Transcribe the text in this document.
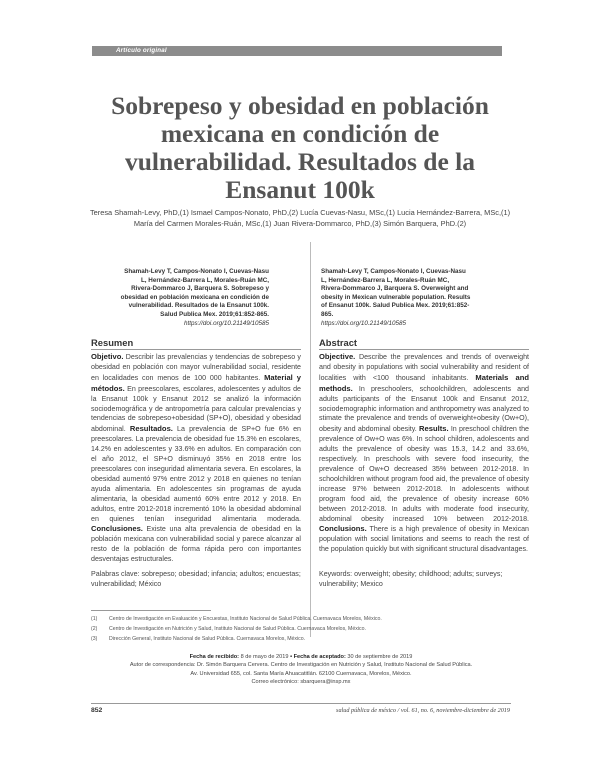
Artículo original
Sobrepeso y obesidad en población mexicana en condición de vulnerabilidad. Resultados de la Ensanut 100k

Teresa Shamah-Levy, PhD,(1) Ismael Campos-Nonato, PhD,(2) Lucía Cuevas-Nasu, MSc,(1) Lucia Hernández-Barrera, MSc,(1) María del Carmen Morales-Ruán, MSc,(1) Juan Rivera-Dommarco, PhD,(3) Simón Barquera, PhD.(2)

Shamah-Levy T, Campos-Nonato I, Cuevas-Nasu L, Hernández-Barrera L, Morales-Ruán MC, Rivera-Dommarco J, Barquera S. Sobrepeso y obesidad en población mexicana en condición de vulnerabilidad. Resultados de la Ensanut 100k. Salud Publica Mex. 2019;61:852-865.
https://doi.org/10.21149/10585
Shamah-Levy T, Campos-Nonato I, Cuevas-Nasu L, Hernández-Barrera L, Morales-Ruán MC, Rivera-Dommarco J, Barquera S. Overweight and obesity in Mexican vulnerable population. Results of Ensanut 100k. Salud Publica Mex. 2019;61:852-865.
https://doi.org/10.21149/10585
Resumen

Objetivo. Describir las prevalencias y tendencias de sobrepeso y obesidad en población con mayor vulnerabilidad social, residente en localidades con menos de 100 000 habitantes. Material y métodos. En preescolares, escolares, adolescentes y adultos de la Ensanut 100k y Ensanut 2012 se analizó la información sociodemográfica y de antropometría para calcular prevalencias y tendencias de sobrepeso+obesidad (SP+O), obesidad y obesidad abdominal. Resultados. La prevalencia de SP+O fue 6% en preescolares. La prevalencia de obesidad fue 15.3% en escolares, 14.2% en adolescentes y 33.6% en adultos. En comparación con el año 2012, el SP+O disminuyó 35% en 2018 entre los preescolares con inseguridad alimentaria severa. En escolares, la obesidad aumentó 97% entre 2012 y 2018 en quienes no tenían ayuda alimentaria. En adolescentes sin programas de ayuda alimentaria, la obesidad aumentó 60% entre 2012 y 2018. En adultos, entre 2012-2018 incrementó 10% la obesidad abdominal en quienes tenían inseguridad alimentaria moderada. Conclusiones. Existe una alta prevalencia de obesidad en la población mexicana con vulnerabilidad social y parece alcanzar al resto de la población de forma rápida pero con importantes desventajas estructurales.

Palabras clave: sobrepeso; obesidad; infancia; adultos; encuestas; vulnerabilidad; México

Abstract

Objective. Describe the prevalences and trends of overweight and obesity in populations with social vulnerability and resident of localities with <100 thousand inhabitants. Materials and methods. In preschoolers, schoolchildren, adolescents and adults participants of the Ensanut 100k and Ensanut 2012, sociodemographic information and anthropometry was analyzed to stimate the prevalence and trends of overweight+obesity (Ow+O), obesity and abdominal obesity. Results. In preschool children the prevalence of Ow+O was 6%. In school children, adolescents and adults the prevalence of obesity was 15.3, 14.2 and 33.6%, respectively. In preschools with severe food insecurity, the prevalence of Ow+O decreased 35% between 2012-2018. In schoolchildren without program food aid, the prevalence of obesity increase 97% between 2012-2018. In adolescents without program food aid, the prevalence of obesity increase 60% between 2012-2018. In adults with moderate food insecurity, abdominal obesity increased 10% between 2012-2018. Conclusions. There is a high prevalence of obesity in Mexican population with social limitations and seems to reach the rest of the population quickly but with significant structural disadvantages.

Keywords: overweight; obesity; childhood; adults; surveys; vulnerability; Mexico

(1) Centro de Investigación en Evaluación y Encuestas, Instituto Nacional de Salud Pública. Cuernavaca Morelos, México.
(2) Centro de Investigación en Nutrición y Salud, Instituto Nacional de Salud Pública. Cuernavaca Morelos, México.
(3) Dirección General, Instituto Nacional de Salud Pública. Cuernavaca Morelos, México.
Fecha de recibido: 8 de mayo de 2019 • Fecha de aceptado: 30 de septiembre de 2019
Autor de correspondencia: Dr. Simón Barquera Cervera. Centro de Investigación en Nutrición y Salud, Instituto Nacional de Salud Pública.
Av. Universidad 655, col. Santa María Ahuacatitlán. 62100 Cuernavaca, Morelos, México.
Correo electrónico: sbarquera@insp.mx
852	salud pública de méxico / vol. 61, no. 6, noviembre-diciembre de 2019
